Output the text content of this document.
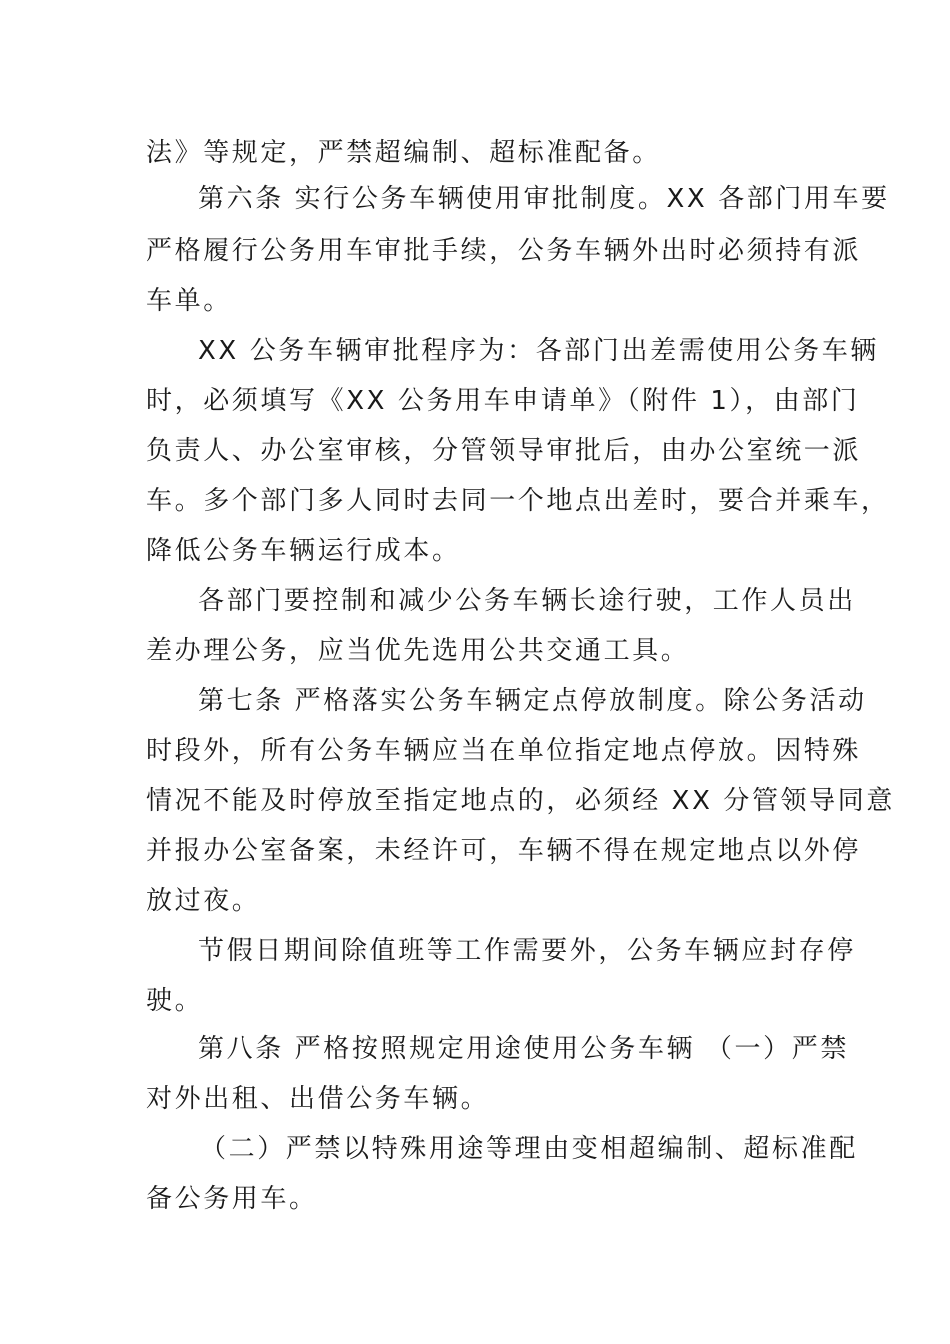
法》等规定，严禁超编制、超标准配备。
第六条 实行公务车辆使用审批制度。XX 各部门用车要
严格履行公务用车审批手续，公务车辆外出时必须持有派
车单。
XX 公务车辆审批程序为：各部门出差需使用公务车辆
时，必须填写《XX 公务用车申请单》（附件 1），由部门
负责人、办公室审核，分管领导审批后，由办公室统一派
车。多个部门多人同时去同一个地点出差时，要合并乘车，
降低公务车辆运行成本。
各部门要控制和减少公务车辆长途行驶，工作人员出
差办理公务，应当优先选用公共交通工具。
第七条 严格落实公务车辆定点停放制度。除公务活动
时段外，所有公务车辆应当在单位指定地点停放。因特殊
情况不能及时停放至指定地点的，必须经 XX 分管领导同意
并报办公室备案，未经许可，车辆不得在规定地点以外停
放过夜。
节假日期间除值班等工作需要外，公务车辆应封存停
驶。
第八条 严格按照规定用途使用公务车辆 （一）严禁
对外出租、出借公务车辆。
（二）严禁以特殊用途等理由变相超编制、超标准配
备公务用车。
